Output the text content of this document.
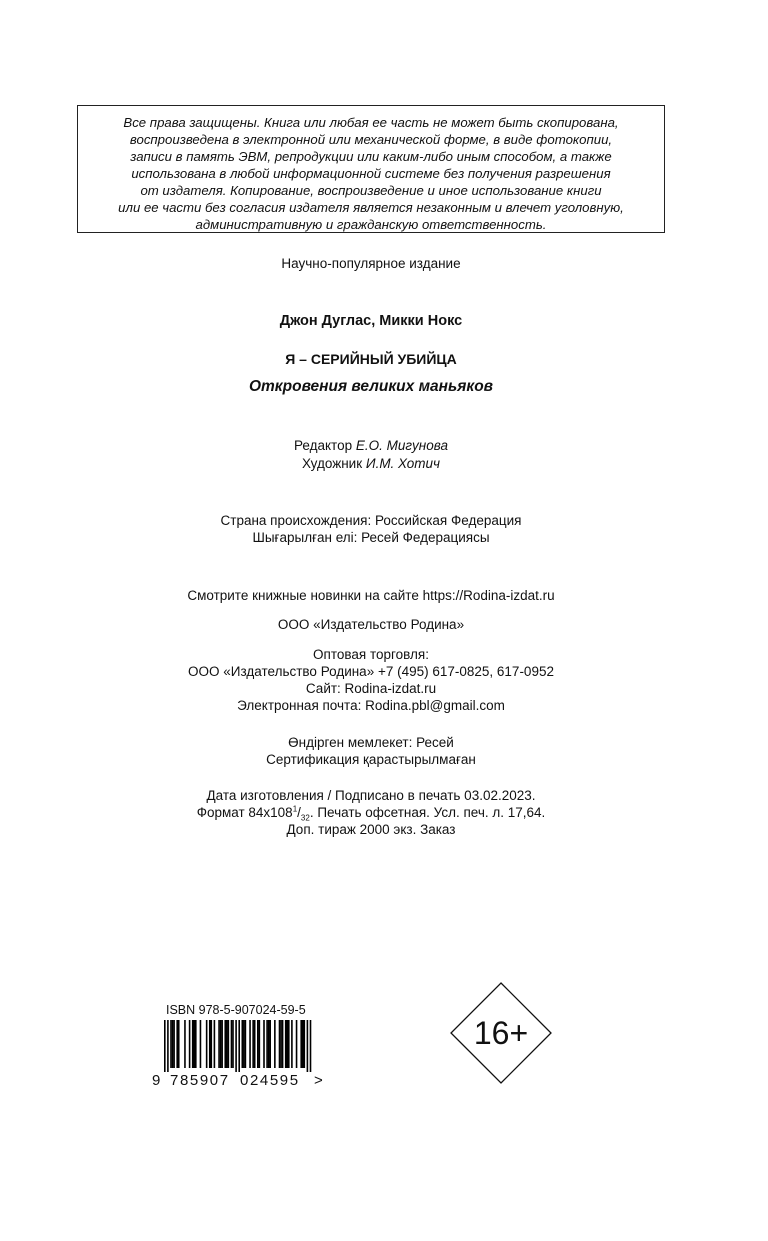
Все права защищены. Книга или любая ее часть не может быть скопирована,
воспроизведена в электронной или механической форме, в виде фотокопии,
записи в память ЭВМ, репродукции или каким-либо иным способом, а также
использована в любой информационной системе без получения разрешения
от издателя. Копирование, воспроизведение и иное использование книги
или ее части без согласия издателя является незаконным и влечет уголовную,
административную и гражданскую ответственность.

Научно-популярное издание
Джон Дуглас, Микки Нокс
Я – СЕРИЙНЫЙ УБИЙЦА
Откровения великих маньяков
Редактор Е.О. Мигунова
Художник И.М. Хотич
Страна происхождения: Российская Федерация
Шығарылған елі: Ресей Федерациясы
Смотрите книжные новинки на сайте https://Rodina-izdat.ru
ООО «Издательство Родина»
Оптовая торговля:
ООО «Издательство Родина» +7 (495) 617-0825, 617-0952
Сайт: Rodina-izdat.ru
Электронная почта: Rodina.pbl@gmail.com
Өндірген мемлекет: Ресей
Сертификация қарастырылмаған
Дата изготовления / Подписано в печать 03.02.2023.
Формат $84х108^1/_{32}$. Печать офсетная. Усл. печ. л. 17,64.
Доп. тираж 2000 экз. Заказ
ISBN 978-5-907024-59-5
9 785907 024595 >
16+
